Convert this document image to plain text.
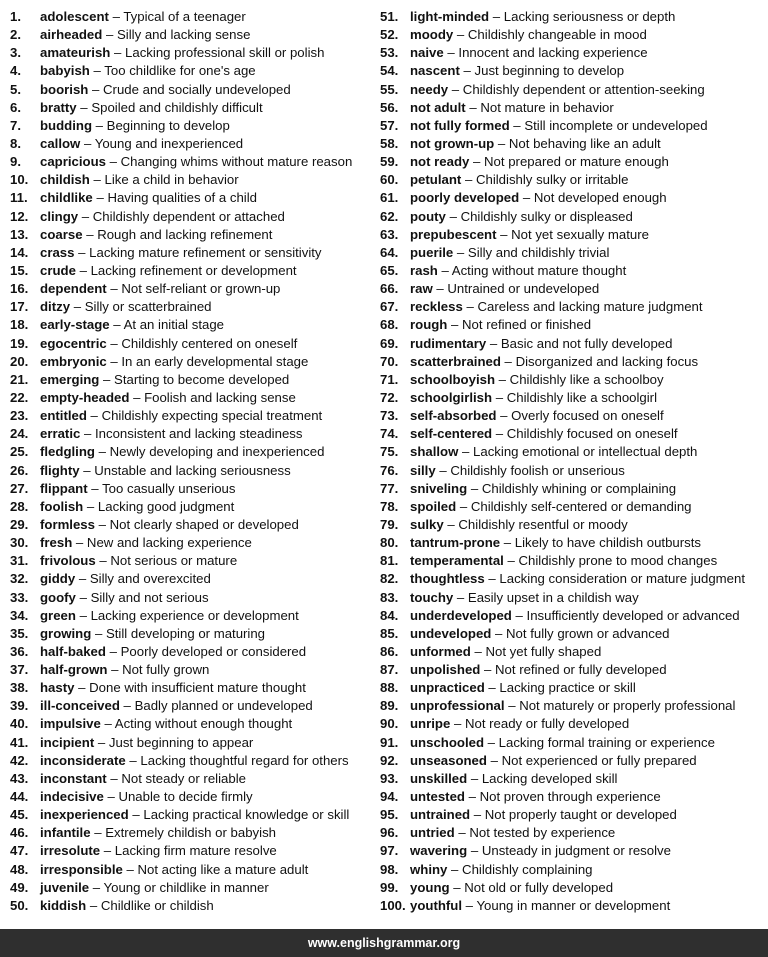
1.	adolescent – Typical of a teenager
2.	airheaded – Silly and lacking sense
3.	amateurish – Lacking professional skill or polish
4.	babyish – Too childlike for one's age
5.	boorish – Crude and socially undeveloped
6.	bratty – Spoiled and childishly difficult
7.	budding – Beginning to develop
8.	callow – Young and inexperienced
9.	capricious – Changing whims without mature reason
10. childish – Like a child in behavior
11. childlike – Having qualities of a child
12. clingy – Childishly dependent or attached
13. coarse – Rough and lacking refinement
14. crass – Lacking mature refinement or sensitivity
15. crude – Lacking refinement or development
16. dependent – Not self-reliant or grown-up
17. ditzy – Silly or scatterbrained
18. early-stage – At an initial stage
19. egocentric – Childishly centered on oneself
20. embryonic – In an early developmental stage
21. emerging – Starting to become developed
22. empty-headed – Foolish and lacking sense
23. entitled – Childishly expecting special treatment
24. erratic – Inconsistent and lacking steadiness
25. fledgling – Newly developing and inexperienced
26. flighty – Unstable and lacking seriousness
27. flippant – Too casually unserious
28. foolish – Lacking good judgment
29. formless – Not clearly shaped or developed
30. fresh – New and lacking experience
31. frivolous – Not serious or mature
32. giddy – Silly and overexcited
33. goofy – Silly and not serious
34. green – Lacking experience or development
35. growing – Still developing or maturing
36. half-baked – Poorly developed or considered
37. half-grown – Not fully grown
38. hasty – Done with insufficient mature thought
39. ill-conceived – Badly planned or undeveloped
40. impulsive – Acting without enough thought
41. incipient – Just beginning to appear
42. inconsiderate – Lacking thoughtful regard for others
43. inconstant – Not steady or reliable
44. indecisive – Unable to decide firmly
45. inexperienced – Lacking practical knowledge or skill
46. infantile – Extremely childish or babyish
47. irresolute – Lacking firm mature resolve
48. irresponsible – Not acting like a mature adult
49. juvenile – Young or childlike in manner
50. kiddish – Childlike or childish
51. light-minded – Lacking seriousness or depth
52. moody – Childishly changeable in mood
53. naive – Innocent and lacking experience
54. nascent – Just beginning to develop
55. needy – Childishly dependent or attention-seeking
56. not adult – Not mature in behavior
57. not fully formed – Still incomplete or undeveloped
58. not grown-up – Not behaving like an adult
59. not ready – Not prepared or mature enough
60. petulant – Childishly sulky or irritable
61. poorly developed – Not developed enough
62. pouty – Childishly sulky or displeased
63. prepubescent – Not yet sexually mature
64. puerile – Silly and childishly trivial
65. rash – Acting without mature thought
66. raw – Untrained or undeveloped
67. reckless – Careless and lacking mature judgment
68. rough – Not refined or finished
69. rudimentary – Basic and not fully developed
70. scatterbrained – Disorganized and lacking focus
71. schoolboyish – Childishly like a schoolboy
72. schoolgirlish – Childishly like a schoolgirl
73. self-absorbed – Overly focused on oneself
74. self-centered – Childishly focused on oneself
75. shallow – Lacking emotional or intellectual depth
76. silly – Childishly foolish or unserious
77. sniveling – Childishly whining or complaining
78. spoiled – Childishly self-centered or demanding
79. sulky – Childishly resentful or moody
80. tantrum-prone – Likely to have childish outbursts
81. temperamental – Childishly prone to mood changes
82. thoughtless – Lacking consideration or mature judgment
83. touchy – Easily upset in a childish way
84. underdeveloped – Insufficiently developed or advanced
85. undeveloped – Not fully grown or advanced
86. unformed – Not yet fully shaped
87. unpolished – Not refined or fully developed
88. unpracticed – Lacking practice or skill
89. unprofessional – Not maturely or properly professional
90. unripe – Not ready or fully developed
91. unschooled – Lacking formal training or experience
92. unseasoned – Not experienced or fully prepared
93. unskilled – Lacking developed skill
94. untested – Not proven through experience
95. untrained – Not properly taught or developed
96. untried – Not tested by experience
97. wavering – Unsteady in judgment or resolve
98. whiny – Childishly complaining
99. young – Not old or fully developed
100. youthful – Young in manner or development
www.englishgrammar.org
